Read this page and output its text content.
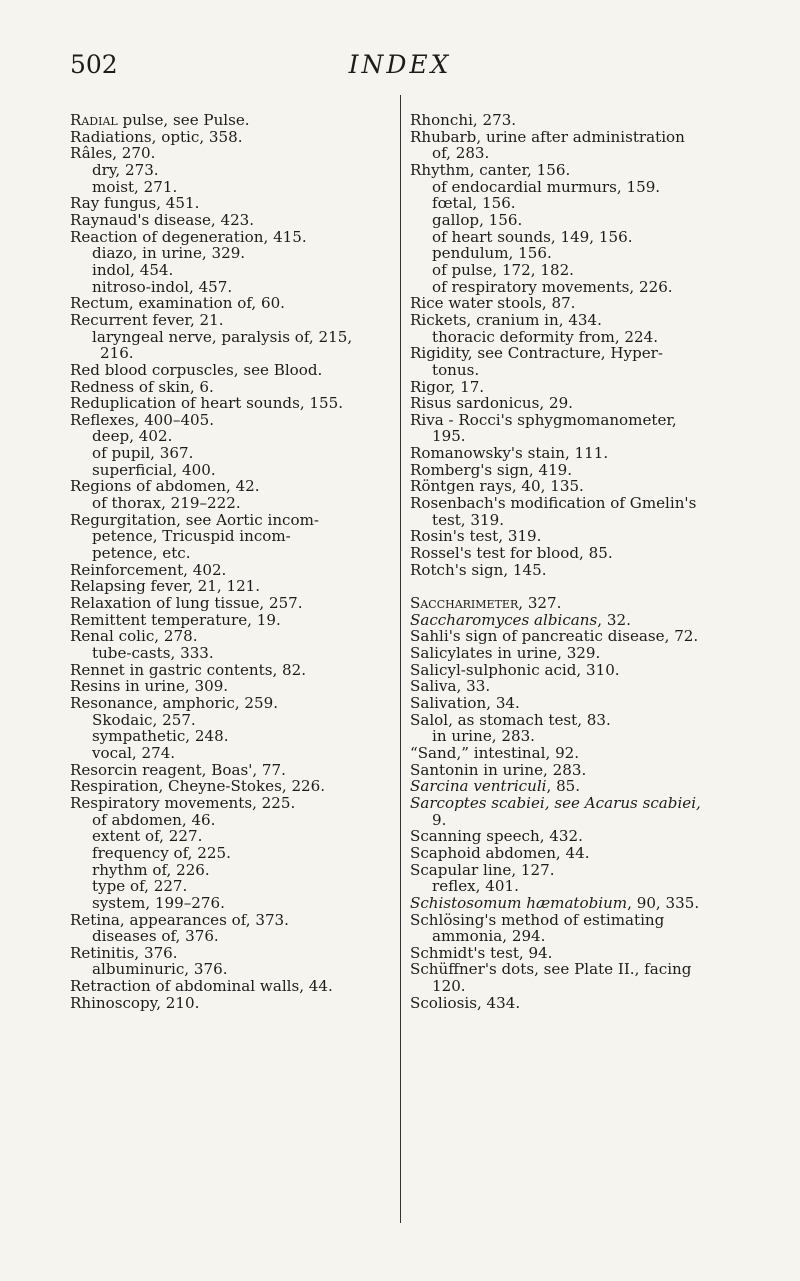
502	INDEX
Radial pulse, see Pulse.
Radiations, optic, 358.
Râles, 270.
dry, 273.
moist, 271.
Ray fungus, 451.
Raynaud's disease, 423.
Reaction of degeneration, 415.
diazo, in urine, 329.
indol, 454.
nitroso-indol, 457.
Rectum, examination of, 60.
Recurrent fever, 21.
laryngeal nerve, paralysis of, 215,
216.
Red blood corpuscles, see Blood.
Redness of skin, 6.
Reduplication of heart sounds, 155.
Reflexes, 400–405.
deep, 402.
of pupil, 367.
superficial, 400.
Regions of abdomen, 42.
of thorax, 219–222.
Regurgitation, see Aortic incom-
petence, Tricuspid incom-
petence, etc.
Reinforcement, 402.
Relapsing fever, 21, 121.
Relaxation of lung tissue, 257.
Remittent temperature, 19.
Renal colic, 278.
tube-casts, 333.
Rennet in gastric contents, 82.
Resins in urine, 309.
Resonance, amphoric, 259.
Skodaic, 257.
sympathetic, 248.
vocal, 274.
Resorcin reagent, Boas', 77.
Respiration, Cheyne-Stokes, 226.
Respiratory movements, 225.
of abdomen, 46.
extent of, 227.
frequency of, 225.
rhythm of, 226.
type of, 227.
system, 199–276.
Retina, appearances of, 373.
diseases of, 376.
Retinitis, 376.
albuminuric, 376.
Retraction of abdominal walls, 44.
Rhinoscopy, 210.
Rhonchi, 273.
Rhubarb, urine after administration
of, 283.
Rhythm, canter, 156.
of endocardial murmurs, 159.
fœtal, 156.
gallop, 156.
of heart sounds, 149, 156.
pendulum, 156.
of pulse, 172, 182.
of respiratory movements, 226.
Rice water stools, 87.
Rickets, cranium in, 434.
thoracic deformity from, 224.
Rigidity, see Contracture, Hyper-
tonus.
Rigor, 17.
Risus sardonicus, 29.
Riva - Rocci's sphygmomanometer,
195.
Romanowsky's stain, 111.
Romberg's sign, 419.
Röntgen rays, 40, 135.
Rosenbach's modification of Gmelin's
test, 319.
Rosin's test, 319.
Rossel's test for blood, 85.
Rotch's sign, 145.
Saccharimeter, 327.
Saccharomyces albicans, 32.
Sahli's sign of pancreatic disease, 72.
Salicylates in urine, 329.
Salicyl-sulphonic acid, 310.
Saliva, 33.
Salivation, 34.
Salol, as stomach test, 83.
in urine, 283.
“Sand,” intestinal, 92.
Santonin in urine, 283.
Sarcina ventriculi, 85.
Sarcoptes scabiei, see Acarus scabiei,
9.
Scanning speech, 432.
Scaphoid abdomen, 44.
Scapular line, 127.
reflex, 401.
Schistosomum hæmatobium, 90, 335.
Schlösing's method of estimating
ammonia, 294.
Schmidt's test, 94.
Schüffner's dots, see Plate II., facing
120.
Scoliosis, 434.
